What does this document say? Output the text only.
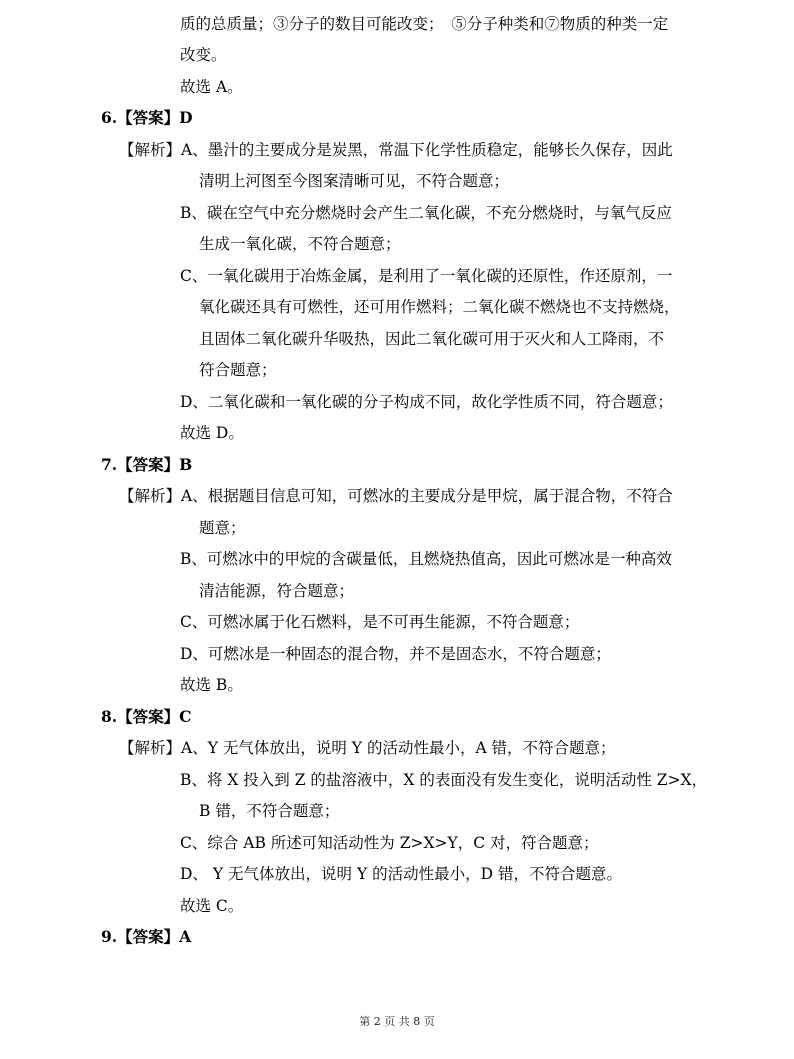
质的总质量；③分子的数目可能改变；　⑤分子种类和⑦物质的种类一定
改变。
故选 A。
6.【答案】D
【解析】A、墨汁的主要成分是炭黑，常温下化学性质稳定，能够长久保存，因此
清明上河图至今图案清晰可见，不符合题意；
B、碳在空气中充分燃烧时会产生二氧化碳，不充分燃烧时，与氧气反应
生成一氧化碳，不符合题意；
C、一氧化碳用于冶炼金属，是利用了一氧化碳的还原性，作还原剂，一
氧化碳还具有可燃性，还可用作燃料；二氧化碳不燃烧也不支持燃烧，
且固体二氧化碳升华吸热，因此二氧化碳可用于灭火和人工降雨，不
符合题意；
D、二氧化碳和一氧化碳的分子构成不同，故化学性质不同，符合题意；
故选 D。
7.【答案】B
【解析】A、根据题目信息可知，可燃冰的主要成分是甲烷，属于混合物，不符合
题意；
B、可燃冰中的甲烷的含碳量低，且燃烧热值高，因此可燃冰是一种高效
清洁能源，符合题意；
C、可燃冰属于化石燃料，是不可再生能源，不符合题意；
D、可燃冰是一种固态的混合物，并不是固态水，不符合题意；
故选 B。
8.【答案】C
【解析】A、Y 无气体放出，说明 Y 的活动性最小，A 错，不符合题意；
B、将 X 投入到 Z 的盐溶液中，X 的表面没有发生变化，说明活动性 Z>X，
B 错，不符合题意；
C、综合 AB 所述可知活动性为 Z>X>Y，C 对，符合题意；
D、 Y 无气体放出，说明 Y 的活动性最小，D 错，不符合题意。
故选 C。
9.【答案】A
第 2 页 共 8 页
